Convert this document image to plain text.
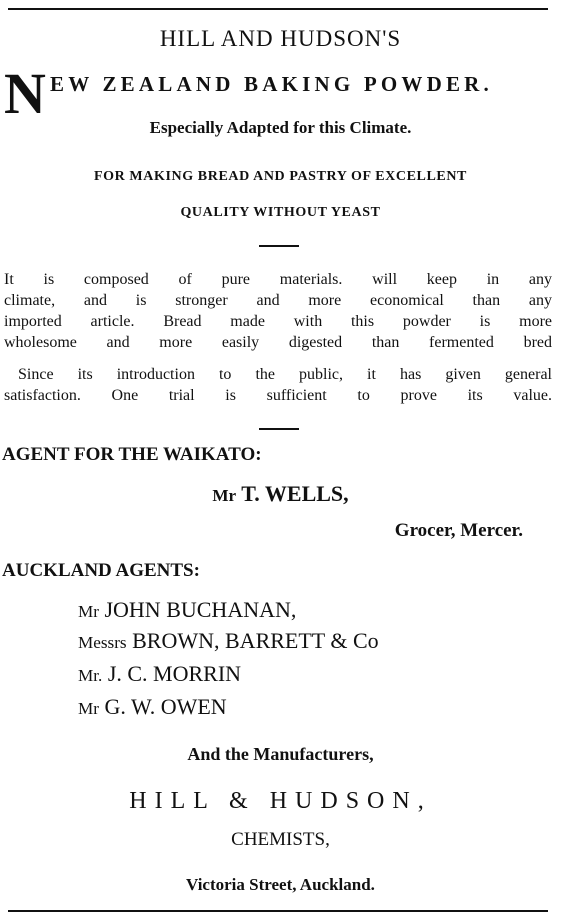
HILL AND HUDSON'S
N EW ZEALAND BAKING POWDER.
Especially Adapted for this Climate.
FOR MAKING BREAD AND PASTRY OF EXCELLENT
QUALITY WITHOUT YEAST
It is composed of pure materials. will keep in any
climate, and is stronger and more economical than any
imported article. Bread made with this powder is more
wholesome and more easily digested than fermented bred
Since its introduction to the public, it has given general
satisfaction. One trial is sufficient to prove its value.
AGENT FOR THE WAIKATO:
Mr T. WELLS,
Grocer, Mercer.
AUCKLAND AGENTS:
Mr JOHN BUCHANAN,
Messrs BROWN, BARRETT & Co
Mr. J. C. MORRIN
Mr G. W. OWEN
And the Manufacturers,
HILL & HUDSON,
CHEMISTS,
Victoria Street, Auckland.
